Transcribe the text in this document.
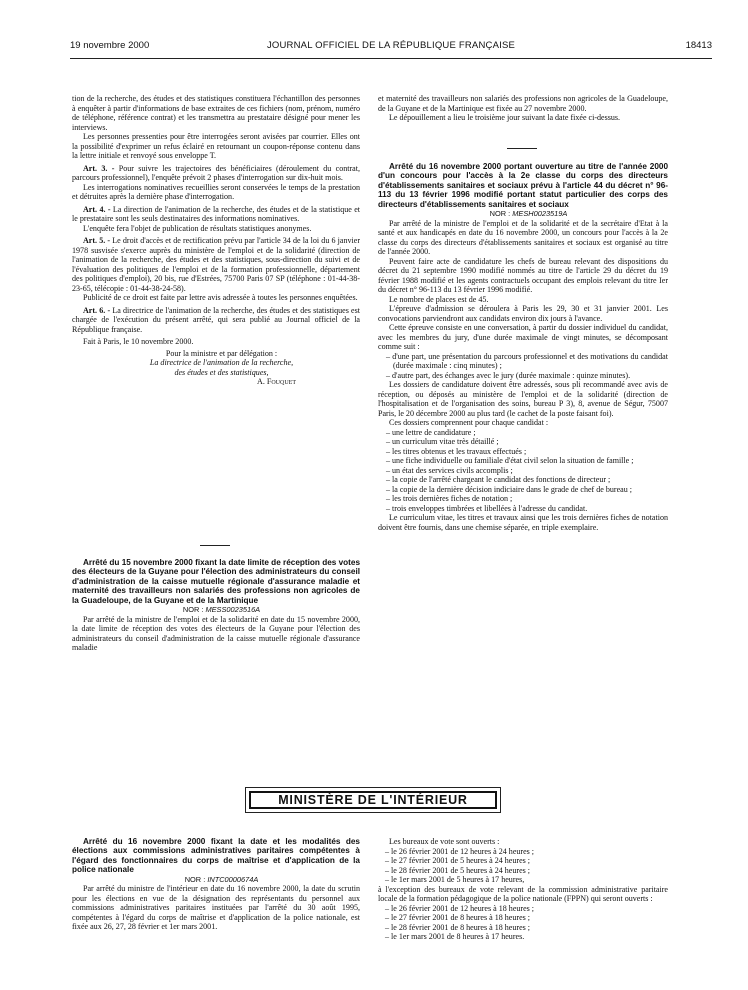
19 novembre 2000	JOURNAL OFFICIEL DE LA RÉPUBLIQUE FRANÇAISE	18413

tion de la recherche, des études et des statistiques constituera l'échantillon des personnes à enquêter à partir d'informations de base extraites de ces fichiers (nom, prénom, numéro de téléphone, référence contrat) et les transmettra au prestataire désigné pour mener les interviews.

Les personnes pressenties pour être interrogées seront avisées par courrier. Elles ont la possibilité d'exprimer un refus éclairé en retournant un coupon-réponse contenu dans la lettre initiale et renvoyé sous enveloppe T.

Art. 3. - Pour suivre les trajectoires des bénéficiaires (déroulement du contrat, parcours professionnel), l'enquête prévoit 2 phases d'interrogation sur dix-huit mois.

Les interrogations nominatives recueillies seront conservées le temps de la prestation et détruites après la dernière phase d'interrogation.

Art. 4. - La direction de l'animation de la recherche, des études et de la statistique et le prestataire sont les seuls destinataires des informations nominatives.

L'enquête fera l'objet de publication de résultats statistiques anonymes.

Art. 5. - Le droit d'accès et de rectification prévu par l'article 34 de la loi du 6 janvier 1978 susvisée s'exerce auprès du ministère de l'emploi et de la solidarité (direction de l'animation de la recherche, des études et des statistiques, sous-direction du suivi et de l'évaluation des politiques de l'emploi et de la formation professionnelle, département des politiques d'emploi), 20 bis, rue d'Estrées, 75700 Paris 07 SP (téléphone : 01-44-38-23-65, télécopie : 01-44-38-24-58).

Publicité de ce droit est faite par lettre avis adressée à toutes les personnes enquêtées.

Art. 6. - La directrice de l'animation de la recherche, des études et des statistiques est chargée de l'exécution du présent arrêté, qui sera publié au Journal officiel de la République française.

Fait à Paris, le 10 novembre 2000.

Pour la ministre et par délégation :

La directrice de l'animation de la recherche,

des études et des statistiques,

A. Fouquet

Arrêté du 15 novembre 2000 fixant la date limite de réception des votes des électeurs de la Guyane pour l'élection des administrateurs du conseil d'administration de la caisse mutuelle régionale d'assurance maladie et maternité des travailleurs non salariés des professions non agricoles de la Guadeloupe, de la Guyane et de la Martinique

NOR : MESS0023516A

Par arrêté de la ministre de l'emploi et de la solidarité en date du 15 novembre 2000, la date limite de réception des votes des électeurs de la Guyane pour l'élection des administrateurs du conseil d'administration de la caisse mutuelle régionale d'assurance maladie

et maternité des travailleurs non salariés des professions non agricoles de la Guadeloupe, de la Guyane et de la Martinique est fixée au 27 novembre 2000.

Le dépouillement a lieu le troisième jour suivant la date fixée ci-dessus.

Arrêté du 16 novembre 2000 portant ouverture au titre de l'année 2000 d'un concours pour l'accès à la 2e classe du corps des directeurs d'établissements sanitaires et sociaux prévu à l'article 44 du décret n° 96-113 du 13 février 1996 modifié portant statut particulier des corps des directeurs d'établissements sanitaires et sociaux

NOR : MESH0023519A

Par arrêté de la ministre de l'emploi et de la solidarité et de la secrétaire d'Etat à la santé et aux handicapés en date du 16 novembre 2000, un concours pour l'accès à la 2e classe du corps des directeurs d'établissements sanitaires et sociaux est organisé au titre de l'année 2000.

Peuvent faire acte de candidature les chefs de bureau relevant des dispositions du décret du 21 septembre 1990 modifié nommés au titre de l'article 29 du décret du 19 février 1988 modifié et les agents contractuels occupant des emplois relevant du titre Ier du décret n° 96-113 du 13 février 1996 modifié.

Le nombre de places est de 45.

L'épreuve d'admission se déroulera à Paris les 29, 30 et 31 janvier 2001. Les convocations parviendront aux candidats environ dix jours à l'avance.

Cette épreuve consiste en une conversation, à partir du dossier individuel du candidat, avec les membres du jury, d'une durée maximale de vingt minutes, se décomposant comme suit :

– d'une part, une présentation du parcours professionnel et des motivations du candidat (durée maximale : cinq minutes) ;
– d'autre part, des échanges avec le jury (durée maximale : quinze minutes).

Les dossiers de candidature doivent être adressés, sous pli recommandé avec avis de réception, ou déposés au ministère de l'emploi et de la solidarité (direction de l'hospitalisation et de l'organisation des soins, bureau P 3), 8, avenue de Ségur, 75007 Paris, le 20 décembre 2000 au plus tard (le cachet de la poste faisant foi).

Ces dossiers comprennent pour chaque candidat :

– une lettre de candidature ;
– un curriculum vitae très détaillé ;
– les titres obtenus et les travaux effectués ;
– une fiche individuelle ou familiale d'état civil selon la situation de famille ;
– un état des services civils accomplis ;
– la copie de l'arrêté chargeant le candidat des fonctions de directeur ;
– la copie de la dernière décision indiciaire dans le grade de chef de bureau ;
– les trois dernières fiches de notation ;
– trois enveloppes timbrées et libellées à l'adresse du candidat.

Le curriculum vitae, les titres et travaux ainsi que les trois dernières fiches de notation doivent être fournis, dans une chemise séparée, en triple exemplaire.

MINISTÈRE DE L'INTÉRIEUR

Arrêté du 16 novembre 2000 fixant la date et les modalités des élections aux commissions administratives paritaires compétentes à l'égard des fonctionnaires du corps de maîtrise et d'application de la police nationale

NOR : INTC0000674A

Par arrêté du ministre de l'intérieur en date du 16 novembre 2000, la date du scrutin pour les élections en vue de la désignation des représentants du personnel aux commissions administratives paritaires instituées par l'arrêté du 30 août 1995, compétentes à l'égard du corps de maîtrise et d'application de la police nationale, est fixée aux 26, 27, 28 février et 1er mars 2001.

Les bureaux de vote sont ouverts :

– le 26 février 2001 de 12 heures à 24 heures ;
– le 27 février 2001 de 5 heures à 24 heures ;
– le 28 février 2001 de 5 heures à 24 heures ;
– le 1er mars 2001 de 5 heures à 17 heures,

à l'exception des bureaux de vote relevant de la commission administrative paritaire locale de la formation pédagogique de la police nationale (FPPN) qui seront ouverts :

– le 26 février 2001 de 12 heures à 18 heures ;
– le 27 février 2001 de 8 heures à 18 heures ;
– le 28 février 2001 de 8 heures à 18 heures ;
– le 1er mars 2001 de 8 heures à 17 heures.
